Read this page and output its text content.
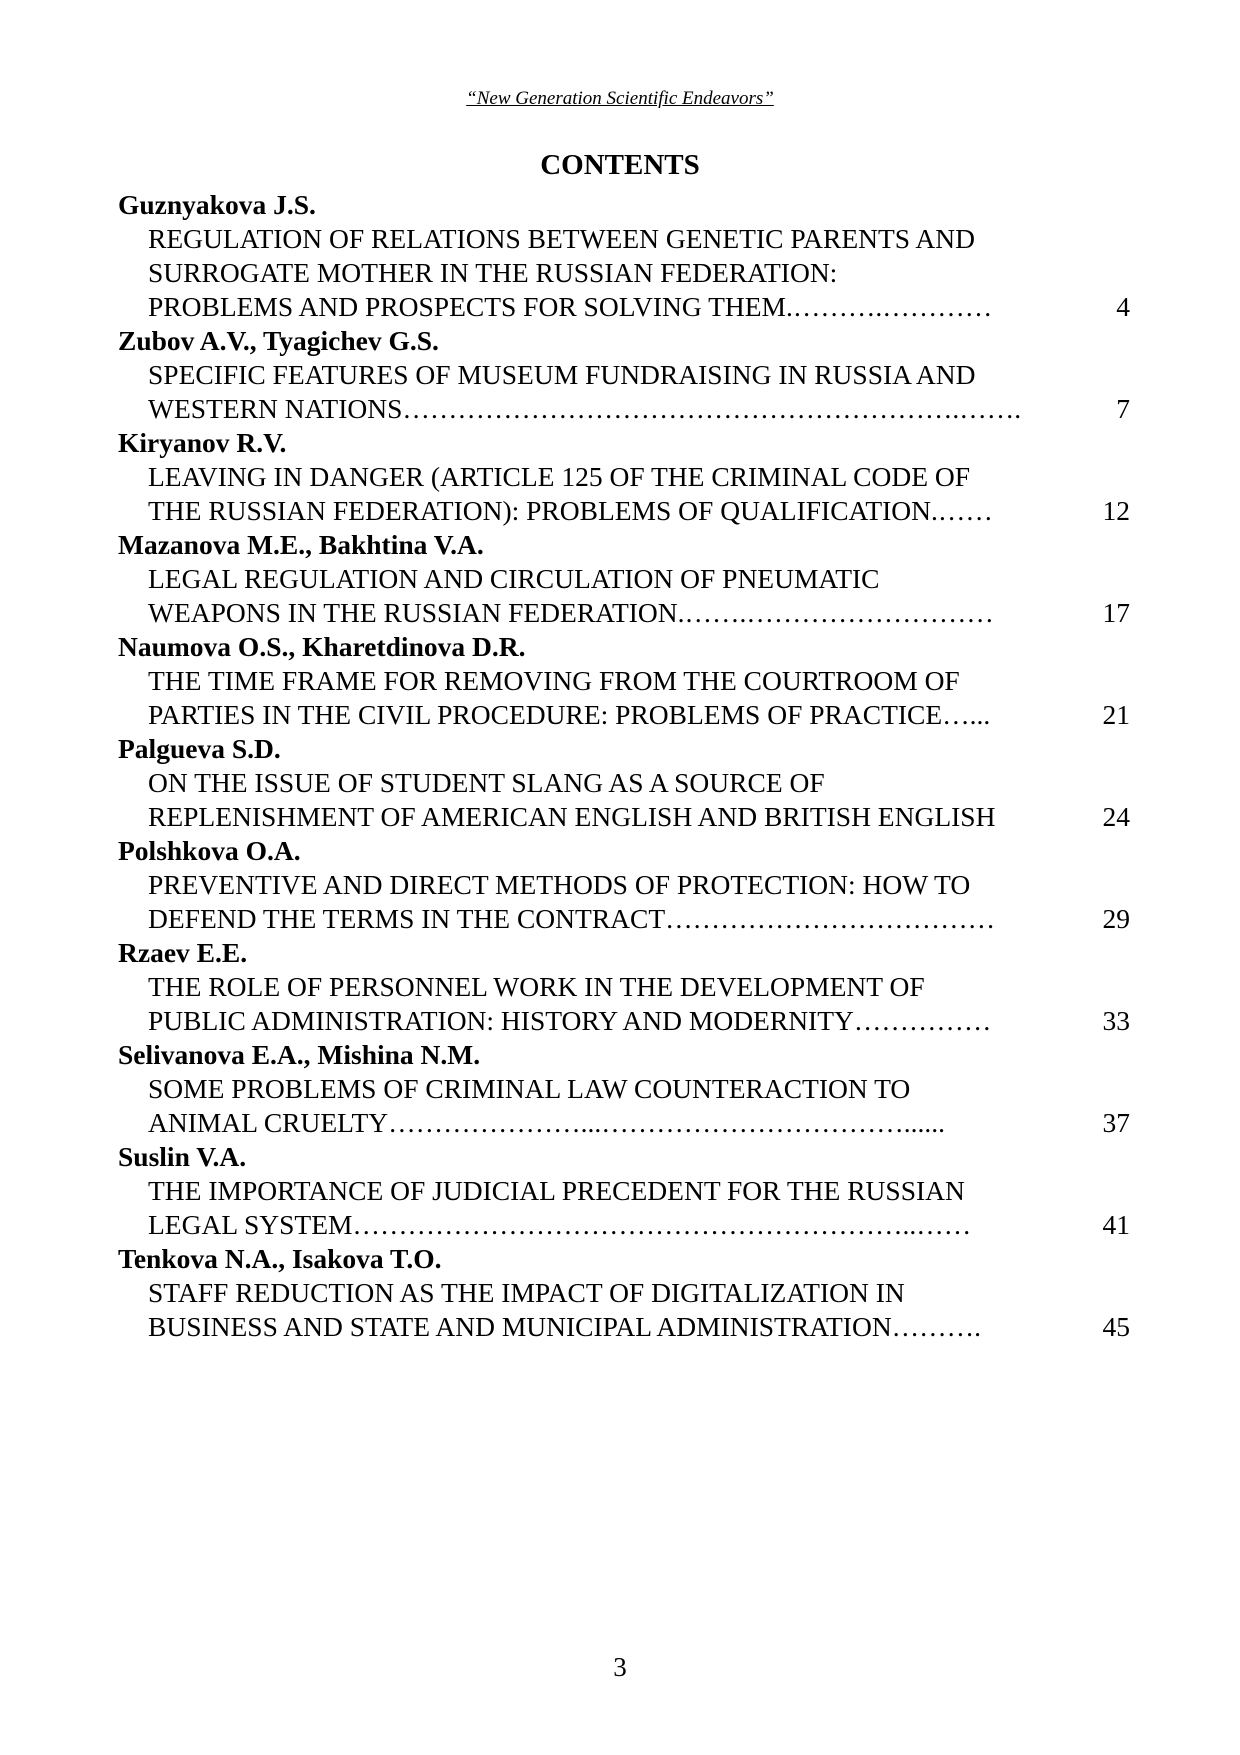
“New Generation Scientific Endeavors”
CONTENTS
Guznyakova J.S.
REGULATION OF RELATIONS BETWEEN GENETIC PARENTS AND
SURROGATE MOTHER IN THE RUSSIAN FEDERATION:
PROBLEMS AND PROSPECTS FOR SOLVING THEM.……….…………	4
Zubov A.V., Tyagichev G.S.
SPECIFIC FEATURES OF MUSEUM FUNDRAISING IN RUSSIA AND
WESTERN NATIONS…………………………………………………….…….	7
Kiryanov R.V.
LEAVING IN DANGER (ARTICLE 125 OF THE CRIMINAL CODE OF
THE RUSSIAN FEDERATION): PROBLEMS OF QUALIFICATION.……	12
Mazanova M.E., Bakhtina V.A.
LEGAL REGULATION AND CIRCULATION OF PNEUMATIC
WEAPONS IN THE RUSSIAN FEDERATION.…….………………………	17
Naumova O.S., Kharetdinova D.R.
THE TIME FRAME FOR REMOVING FROM THE COURTROOM OF
PARTIES IN THE CIVIL PROCEDURE: PROBLEMS OF PRACTICE…...	21
Palgueva S.D.
ON THE ISSUE OF STUDENT SLANG AS A SOURCE OF
REPLENISHMENT OF AMERICAN ENGLISH AND BRITISH ENGLISH	24
Polshkova O.A.
PREVENTIVE AND DIRECT METHODS OF PROTECTION: HOW TO
DEFEND THE TERMS IN THE CONTRACT………………………………	29
Rzaev E.E.
THE ROLE OF PERSONNEL WORK IN THE DEVELOPMENT OF
PUBLIC ADMINISTRATION: HISTORY AND MODERNITY……………	33
Selivanova E.A., Mishina N.M.
SOME PROBLEMS OF CRIMINAL LAW COUNTERACTION TO
ANIMAL CRUELTY…………………...……………………………......	37
Suslin V.A.
THE IMPORTANCE OF JUDICIAL PRECEDENT FOR THE RUSSIAN
LEGAL SYSTEM……………………………………………………..……	41
Tenkova N.A., Isakova T.O.
STAFF REDUCTION AS THE IMPACT OF DIGITALIZATION IN
BUSINESS AND STATE AND MUNICIPAL ADMINISTRATION……….	45
3
